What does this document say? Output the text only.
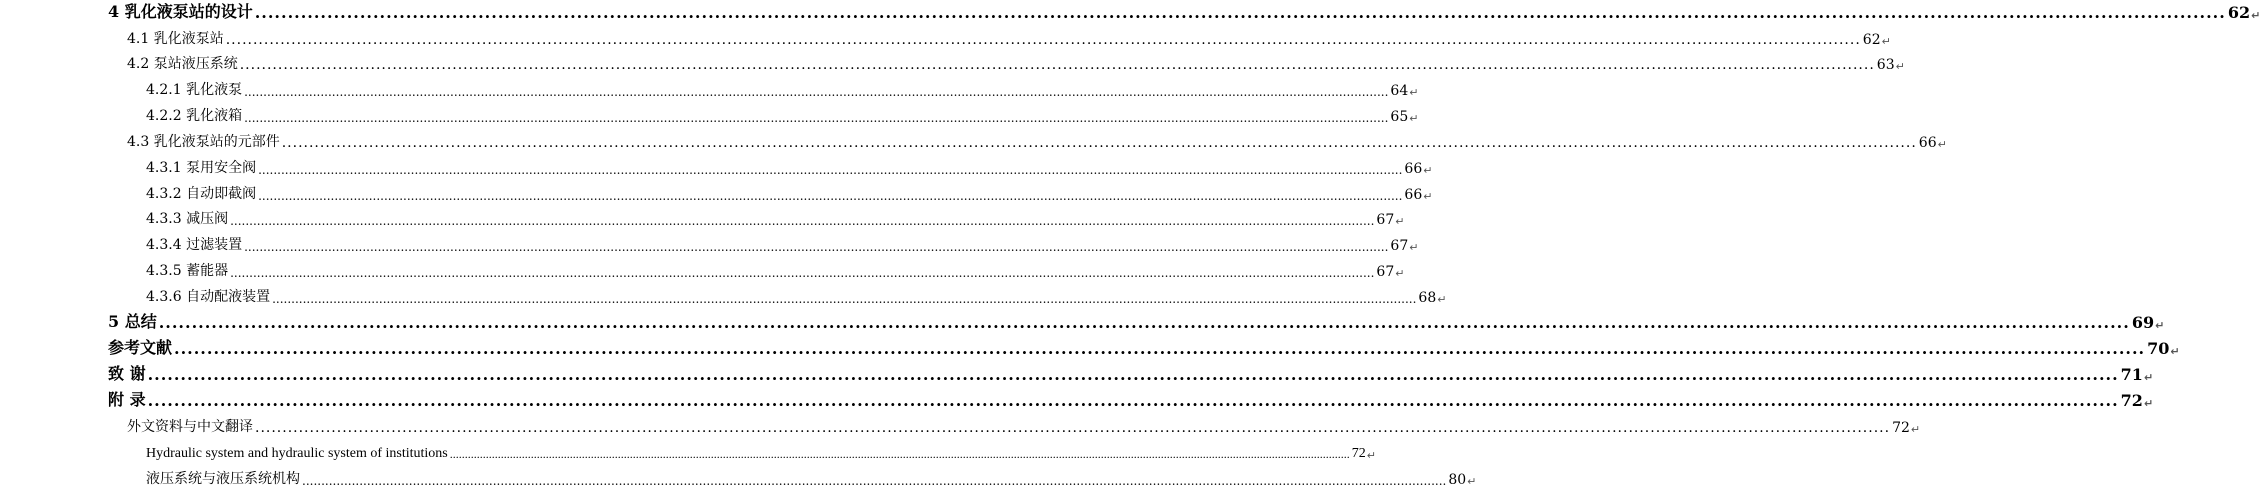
4 乳化液泵站的设计 ............................................................................................................................................................................................................................................................................................................ 62 ↵
4.1 乳化液泵站 ............................................................................................................................................................................................................................................................................................................ 62 ↵
4.2 泵站液压系统 ............................................................................................................................................................................................................................................................................................................ 63 ↵
4.2.1 乳化液泵 ............................................................................................................................................................................................................................................................................................................ 64 ↵
4.2.2 乳化液箱 ............................................................................................................................................................................................................................................................................................................ 65 ↵
4.3 乳化液泵站的元部件 ............................................................................................................................................................................................................................................................................................................ 66 ↵
4.3.1 泵用安全阀 ............................................................................................................................................................................................................................................................................................................ 66 ↵
4.3.2 自动即截阀 ............................................................................................................................................................................................................................................................................................................ 66 ↵
4.3.3 减压阀 ............................................................................................................................................................................................................................................................................................................ 67 ↵
4.3.4 过滤装置 ............................................................................................................................................................................................................................................................................................................ 67 ↵
4.3.5 蓄能器 ............................................................................................................................................................................................................................................................................................................ 67 ↵
4.3.6 自动配液装置 ............................................................................................................................................................................................................................................................................................................ 68 ↵
5 总结 ............................................................................................................................................................................................................................................................................................................ 69 ↵
参考文献 ............................................................................................................................................................................................................................................................................................................ 70 ↵
致 谢 ............................................................................................................................................................................................................................................................................................................ 71 ↵
附 录 ............................................................................................................................................................................................................................................................................................................ 72 ↵
外文资料与中文翻译 ............................................................................................................................................................................................................................................................................................................ 72 ↵
Hydraulic system and hydraulic system of institutions ............................................................................................................................................................................................................................................................................................................ 72 ↵
液压系统与液压系统机构 ............................................................................................................................................................................................................................................................................................................ 80 ↵
